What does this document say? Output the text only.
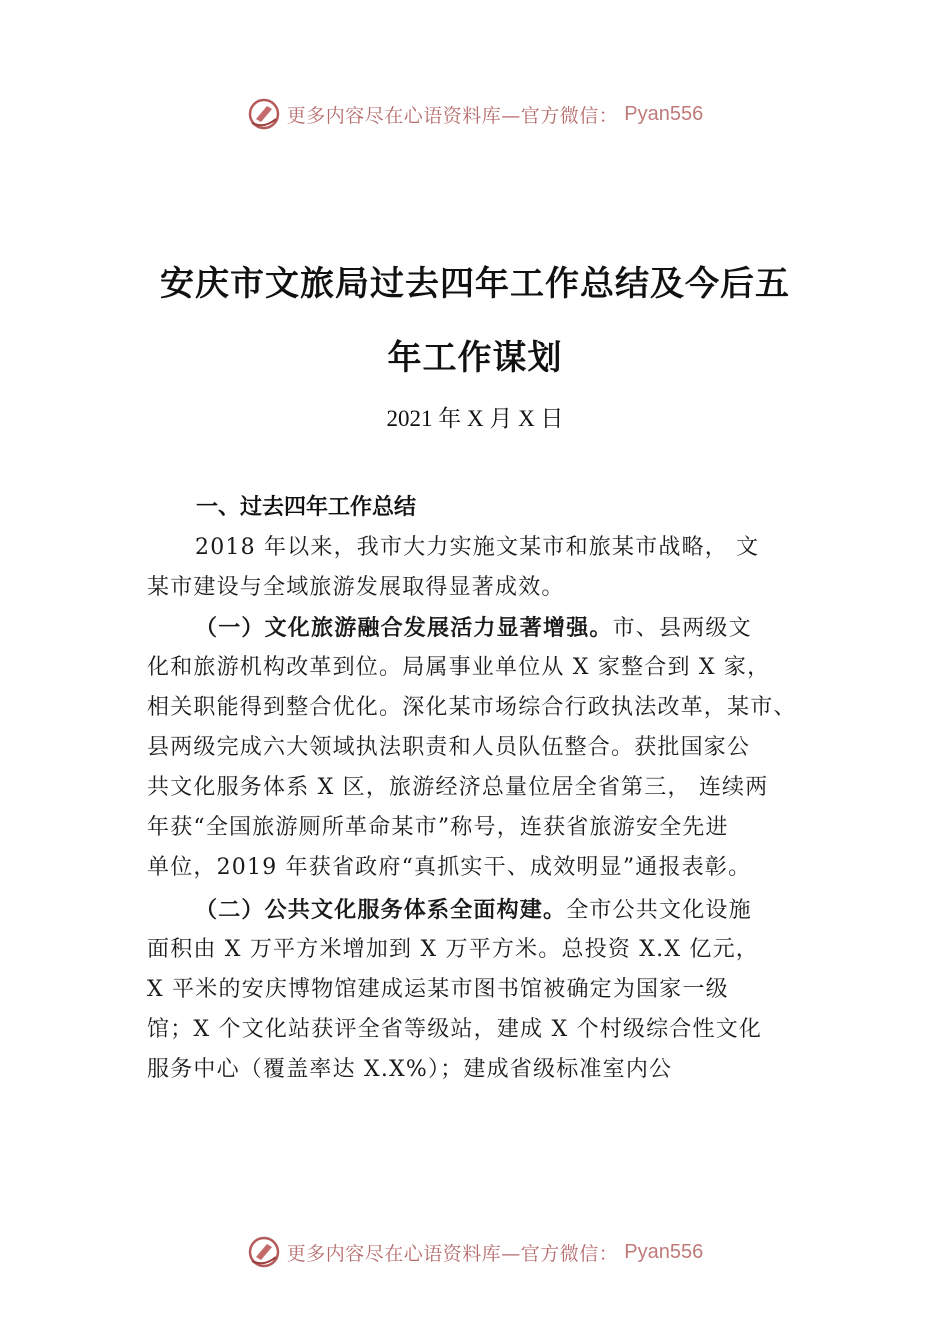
更多内容尽在心语资料库—官方微信： Pyan556
安庆市文旅局过去四年工作总结及今后五
年工作谋划
2021 年 X 月 X 日
一、过去四年工作总结
2018 年以来，我市大力实施文某市和旅某市战略， 文
某市建设与全域旅游发展取得显著成效。
（一）文化旅游融合发展活力显著增强。市、县两级文
化和旅游机构改革到位。局属事业单位从 X 家整合到 X 家，
相关职能得到整合优化。深化某市场综合行政执法改革，某市、
县两级完成六大领域执法职责和人员队伍整合。获批国家公
共文化服务体系 X 区，旅游经济总量位居全省第三， 连续两
年获“全国旅游厕所革命某市”称号，连获省旅游安全先进
单位，2019 年获省政府“真抓实干、成效明显”通报表彰。
（二）公共文化服务体系全面构建。全市公共文化设施
面积由 X 万平方米增加到 X 万平方米。总投资 X.X 亿元，
X 平米的安庆博物馆建成运某市图书馆被确定为国家一级
馆；X 个文化站获评全省等级站，建成 X 个村级综合性文化
服务中心（覆盖率达 X.X%）；建成省级标准室内公
更多内容尽在心语资料库—官方微信： Pyan556
